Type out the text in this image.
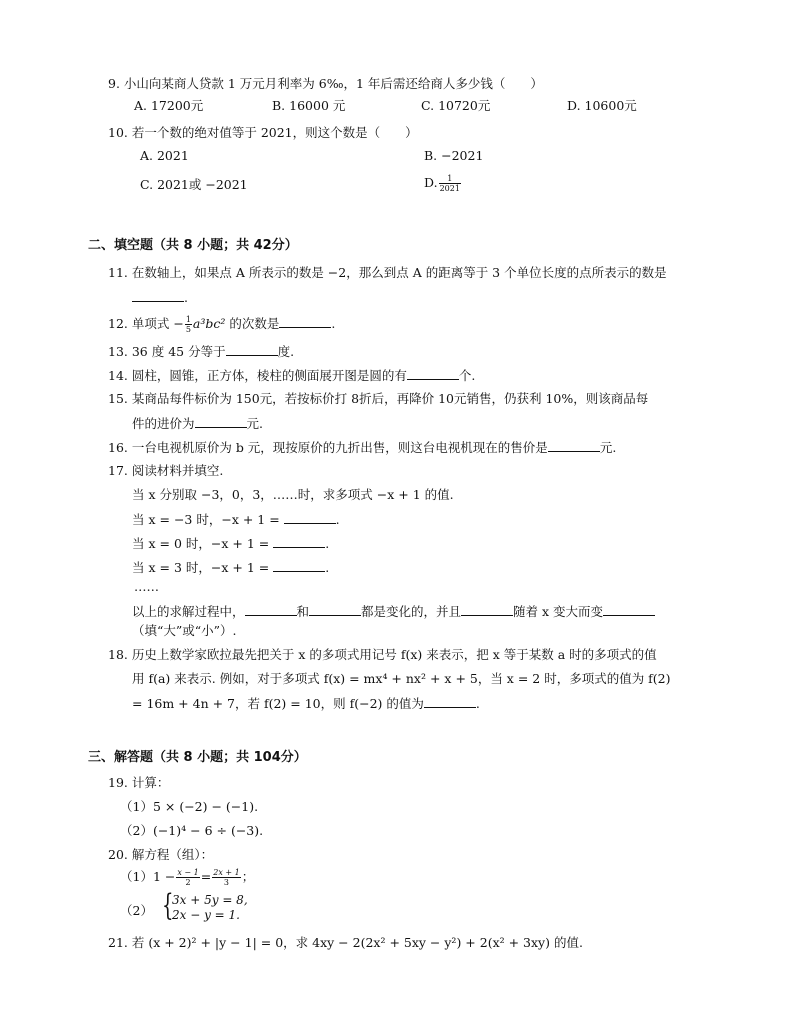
9. 小山向某商人贷款 1 万元月利率为 6‰，1 年后需还给商人多少钱（　　）
A. 17200元	B. 16000 元	C. 10720元	D. 10600元
10. 若一个数的绝对值等于 2021，则这个数是（　　）
A. 2021	B. −2021
C. 2021或 −2021	D. $\frac{1}{2021}$
二、填空题（共 8 小题；共 42分）
11. 在数轴上，如果点 A 所表示的数是 −2，那么到点 A 的距离等于 3 个单位长度的点所表示的数是
.
12. 单项式 − $\frac{1}{5} a^3bc^2$ 的次数是	.
13. 36 度 45 分等于	度.
14. 圆柱，圆锥，正方体，棱柱的侧面展开图是圆的有	个.
15. 某商品每件标价为 150元，若按标价打 8折后，再降价 10元销售，仍获利 10%，则该商品每
件的进价为	元.
16. 一台电视机原价为 b 元，现按原价的九折出售，则这台电视机现在的售价是	元.
17. 阅读材料并填空.
当 x 分别取 −3，0，3，……时，求多项式 −x + 1 的值.
当 x = −3 时，−x + 1 =	.
当 x = 0 时，−x + 1 =	.
当 x = 3 时，−x + 1 =	.
……
以上的求解过程中，	和	都是变化的，并且	随着 x 变大而变
（填“大”或“小”）.
18. 历史上数学家欧拉最先把关于 x 的多项式用记号 f(x) 来表示，把 x 等于某数 a 时的多项式的值
用 f(a) 来表示. 例如，对于多项式 f(x) = mx⁴ + nx² + x + 5，当 x = 2 时，多项式的值为 f(2)
= 16m + 4n + 7，若 f(2) = 10，则 f(−2) 的值为	.
三、解答题（共 8 小题；共 104分）
19. 计算：
（1）5 × (−2) − (−1).
（2）(−1)⁴ − 6 ÷ (−3).
20. 解方程（组）：
$(1)1 - \frac{x - 1}{2} = \frac{2x + 1}{3}$ ；
（2） {
3x + 5y = 8,
2x − y = 1.
21. 若 (x + 2)² + |y − 1| = 0，求 4xy − 2(2x² + 5xy − y²) + 2(x² + 3xy) 的值.
